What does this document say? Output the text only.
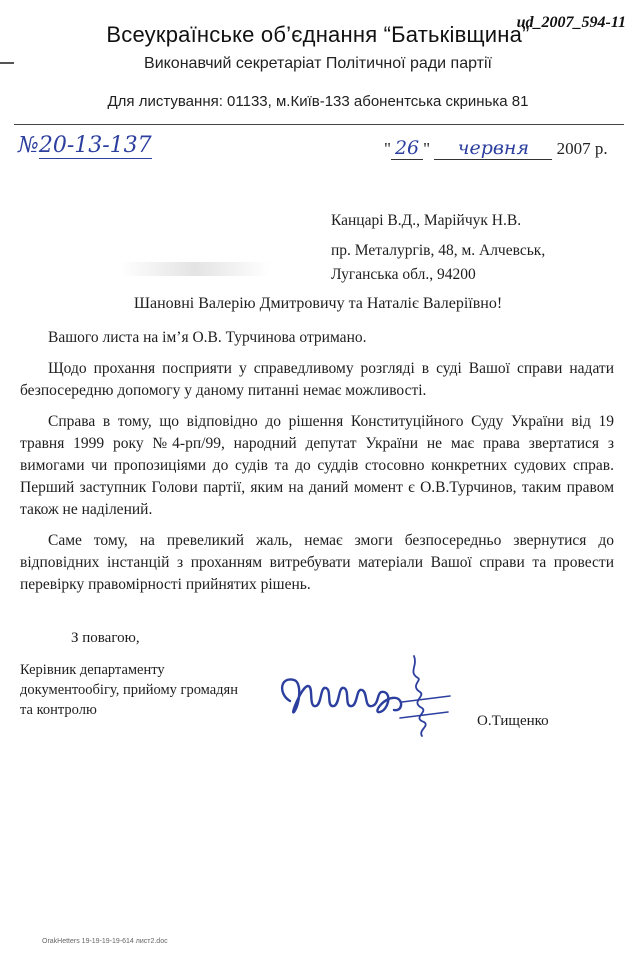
ud_2007_594-11
Всеукраїнське об’єднання “Батьківщина”
Виконавчий секретаріат Політичної ради партії
Для листування: 01133, м.Київ-133 абонентська скринька 81
№20-13-137	" 26 " червня 2007 р.
Канцарі В.Д., Марійчук Н.В.
пр. Металургів, 48, м. Алчевськ,
Луганська обл., 94200
Шановні Валерію Дмитровичу та Наталіє Валеріївно!

Вашого листа на ім’я О.В. Турчинова отримано.

Щодо прохання посприяти у справедливому розгляді в суді Вашої справи надати безпосередню допомогу у даному питанні немає можливості.

Справа в тому, що відповідно до рішення Конституційного Суду України від 19 травня 1999 року №4-рп/99, народний депутат України не має права звертатися з вимогами чи пропозиціями до судів та до суддів стосовно конкретних судових справ. Перший заступник Голови партії, яким на даний момент є О.В.Турчинов, таким правом також не наділений.

Саме тому, на превеликий жаль, немає змоги безпосередньо звернутися до відповідних інстанцій з проханням витребувати матеріали Вашої справи та провести перевірку правомірності прийнятих рішень.

З повагою,
Керівник департаменту
документообігу, прийому громадян
та контролю
О.Тищенко
OrakHetters 19-19-19-19-614 лист2.doc
